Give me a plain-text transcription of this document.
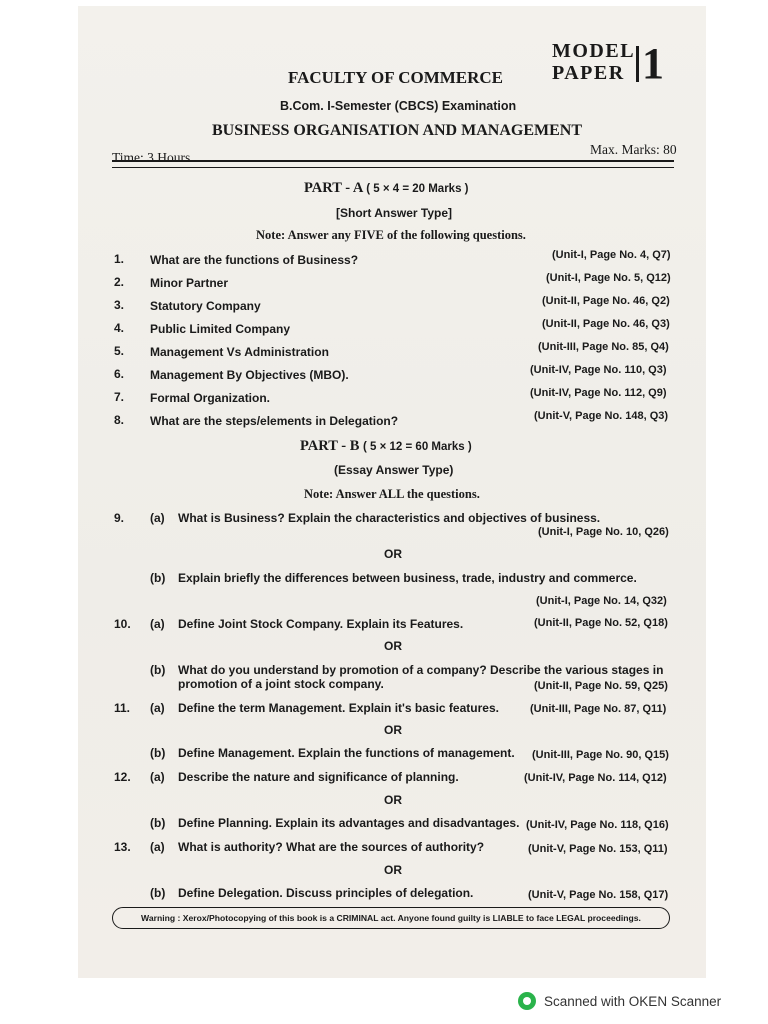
MODEL
PAPER 1
FACULTY OF COMMERCE
B.Com. I-Semester (CBCS) Examination
BUSINESS ORGANISATION AND MANAGEMENT
Max. Marks: 80
Time: 3 Hours
PART - A ( 5 × 4 = 20 Marks )
[Short Answer Type]
Note: Answer any FIVE of the following questions.
1. What are the functions of Business?	(Unit-I, Page No. 4, Q7)
2. Minor Partner	(Unit-I, Page No. 5, Q12)
3. Statutory Company	(Unit-II, Page No. 46, Q2)
4. Public Limited Company	(Unit-II, Page No. 46, Q3)
5. Management Vs Administration	(Unit-III, Page No. 85, Q4)
6. Management By Objectives (MBO).	(Unit-IV, Page No. 110, Q3)
7. Formal Organization.	(Unit-IV, Page No. 112, Q9)
8. What are the steps/elements in Delegation?	(Unit-V, Page No. 148, Q3)
PART - B ( 5 × 12 = 60 Marks )
(Essay Answer Type)
Note: Answer ALL the questions.
9. (a) What is Business? Explain the characteristics and objectives of business.
(Unit-I, Page No. 10, Q26)
OR
(b) Explain briefly the differences between business, trade, industry and commerce.
(Unit-I, Page No. 14, Q32)
10. (a) Define Joint Stock Company. Explain its Features.	(Unit-II, Page No. 52, Q18)
OR
(b) What do you understand by promotion of a company? Describe the various stages in
promotion of a joint stock company.	(Unit-II, Page No. 59, Q25)
11. (a) Define the term Management. Explain it's basic features.	(Unit-III, Page No. 87, Q11)
OR
(b) Define Management. Explain the functions of management. (Unit-III, Page No. 90, Q15)
12. (a) Describe the nature and significance of planning.	(Unit-IV, Page No. 114, Q12)
OR
(b) Define Planning. Explain its advantages and disadvantages. (Unit-IV, Page No. 118, Q16)
13. (a) What is authority? What are the sources of authority?	(Unit-V, Page No. 153, Q11)
OR
(b) Define Delegation. Discuss principles of delegation.	(Unit-V, Page No. 158, Q17)
Warning : Xerox/Photocopying of this book is a CRIMINAL act. Anyone found guilty is LIABLE to face LEGAL proceedings.
Scanned with OKEN Scanner
